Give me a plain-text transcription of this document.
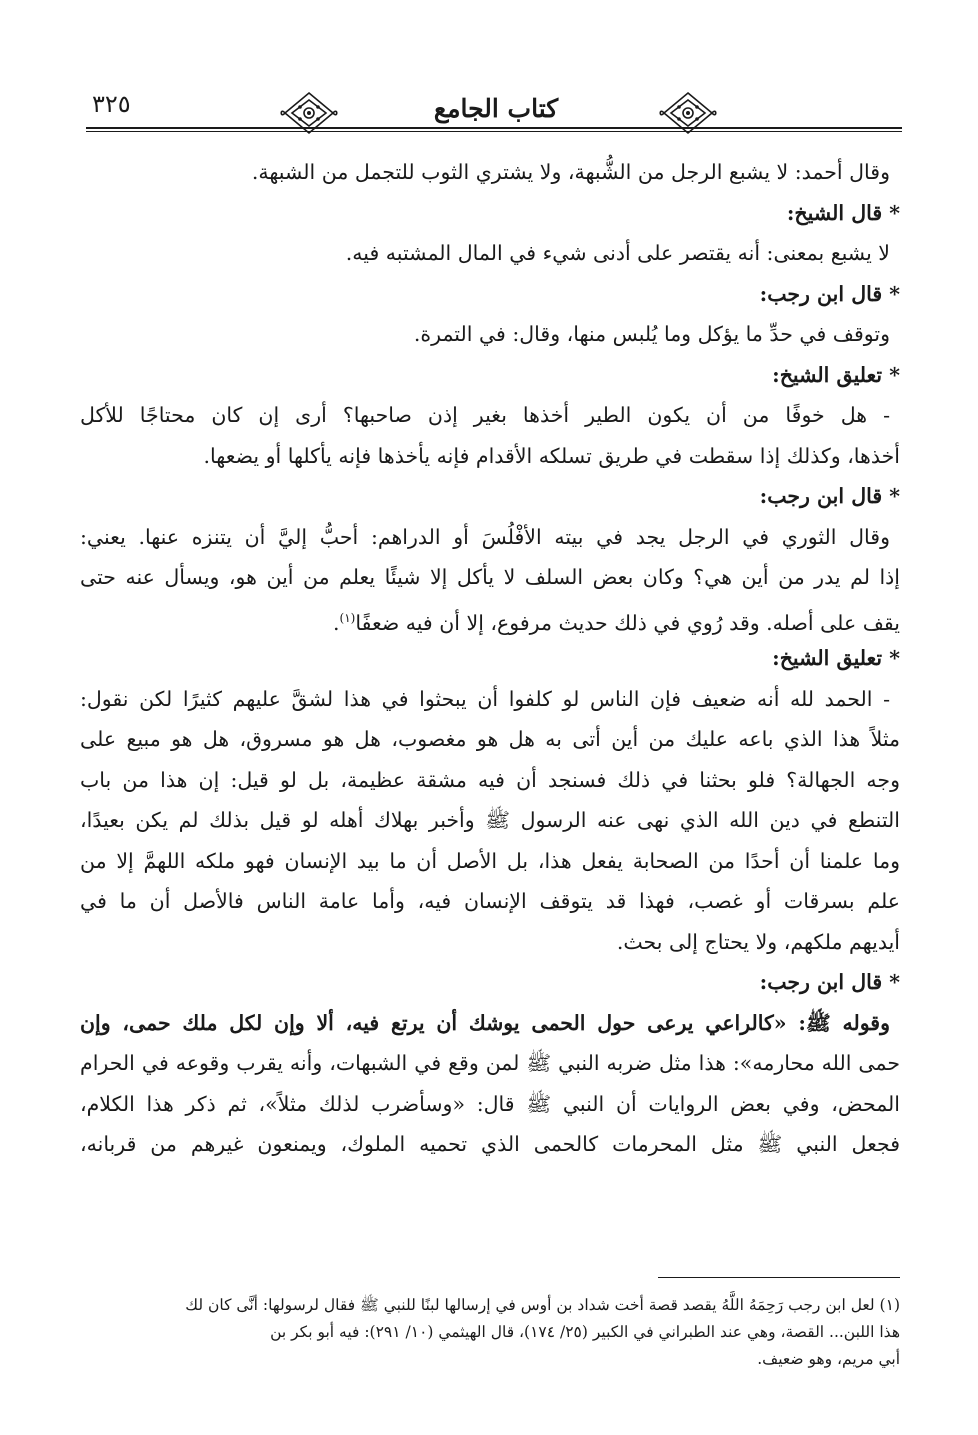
٣٢٥	كتاب الجامع
وقال أحمد: لا يشبع الرجل من الشُّبهة، ولا يشتري الثوب للتجمل من الشبهة.
* قال الشيخ:
لا يشبع بمعنى: أنه يقتصر على أدنى شيء في المال المشتبه فيه.
* قال ابن رجب:
وتوقف في حدِّ ما يؤكل وما يُلبس منها، وقال: في التمرة.
* تعليق الشيخ:
- هل خوفًا من أن يكون الطير أخذها بغير إذن صاحبها؟ أرى إن كان محتاجًا للأكل
أخذها، وكذلك إذا سقطت في طريق تسلكه الأقدام فإنه يأخذها فإنه يأكلها أو يضعها.
* قال ابن رجب:
وقال الثوري في الرجل يجد في بيته الأفْلُسَ أو الدراهم: أحبُّ إليَّ أن يتنزه عنها. يعني:
إذا لم يدر من أين هي؟ وكان بعض السلف لا يأكل إلا شيئًا يعلم من أين هو، ويسأل عنه حتى
يقف على أصله. وقد رُوي في ذلك حديث مرفوع، إلا أن فيه ضعفًا$^{(١)}$.
* تعليق الشيخ:
- الحمد لله أنه ضعيف فإن الناس لو كلفوا أن يبحثوا في هذا لشقَّ عليهم كثيرًا لكن نقول:
مثلاً هذا الذي باعه عليك من أين أتى به هل هو مغصوب، هل هو مسروق، هل هو مبيع على
وجه الجهالة؟ فلو بحثنا في ذلك فسنجد أن فيه مشقة عظيمة، بل لو قيل: إن هذا من باب
التنطع في دين الله الذي نهى عنه الرسول ﷺ وأخبر بهلاك أهله لو قيل بذلك لم يكن بعيدًا،
وما علمنا أن أحدًا من الصحابة يفعل هذا، بل الأصل أن ما بيد الإنسان فهو ملكه اللهمَّ إلا من
علم بسرقات أو غصب، فهذا قد يتوقف الإنسان فيه، وأما عامة الناس فالأصل أن ما في
أيديهم ملكهم، ولا يحتاج إلى بحث.
* قال ابن رجب:
وقوله ﷺ: «كالراعي يرعى حول الحمى يوشك أن يرتع فيه، ألا وإن لكل ملك حمى، وإن
حمى الله محارمه»: هذا مثل ضربه النبي ﷺ لمن وقع في الشبهات، وأنه يقرب وقوعه في الحرام
المحض، وفي بعض الروايات أن النبي ﷺ قال: «وسأضرب لذلك مثلاً»، ثم ذكر هذا الكلام،
فجعل النبي ﷺ مثل المحرمات كالحمى الذي تحميه الملوك، ويمنعون غيرهم من قربانه،
(١) لعل ابن رجب رَحِمَهُ اللَّهُ يقصد قصة أخت شداد بن أوس في إرسالها لبنًا للنبي ﷺ فقال لرسولها: أنَّى كان لك
هذا اللبن... القصة، وهي عند الطبراني في الكبير (٢٥/ ١٧٤)، قال الهيثمي (١٠/ ٢٩١): فيه أبو بكر بن
أبي مريم، وهو ضعيف.
